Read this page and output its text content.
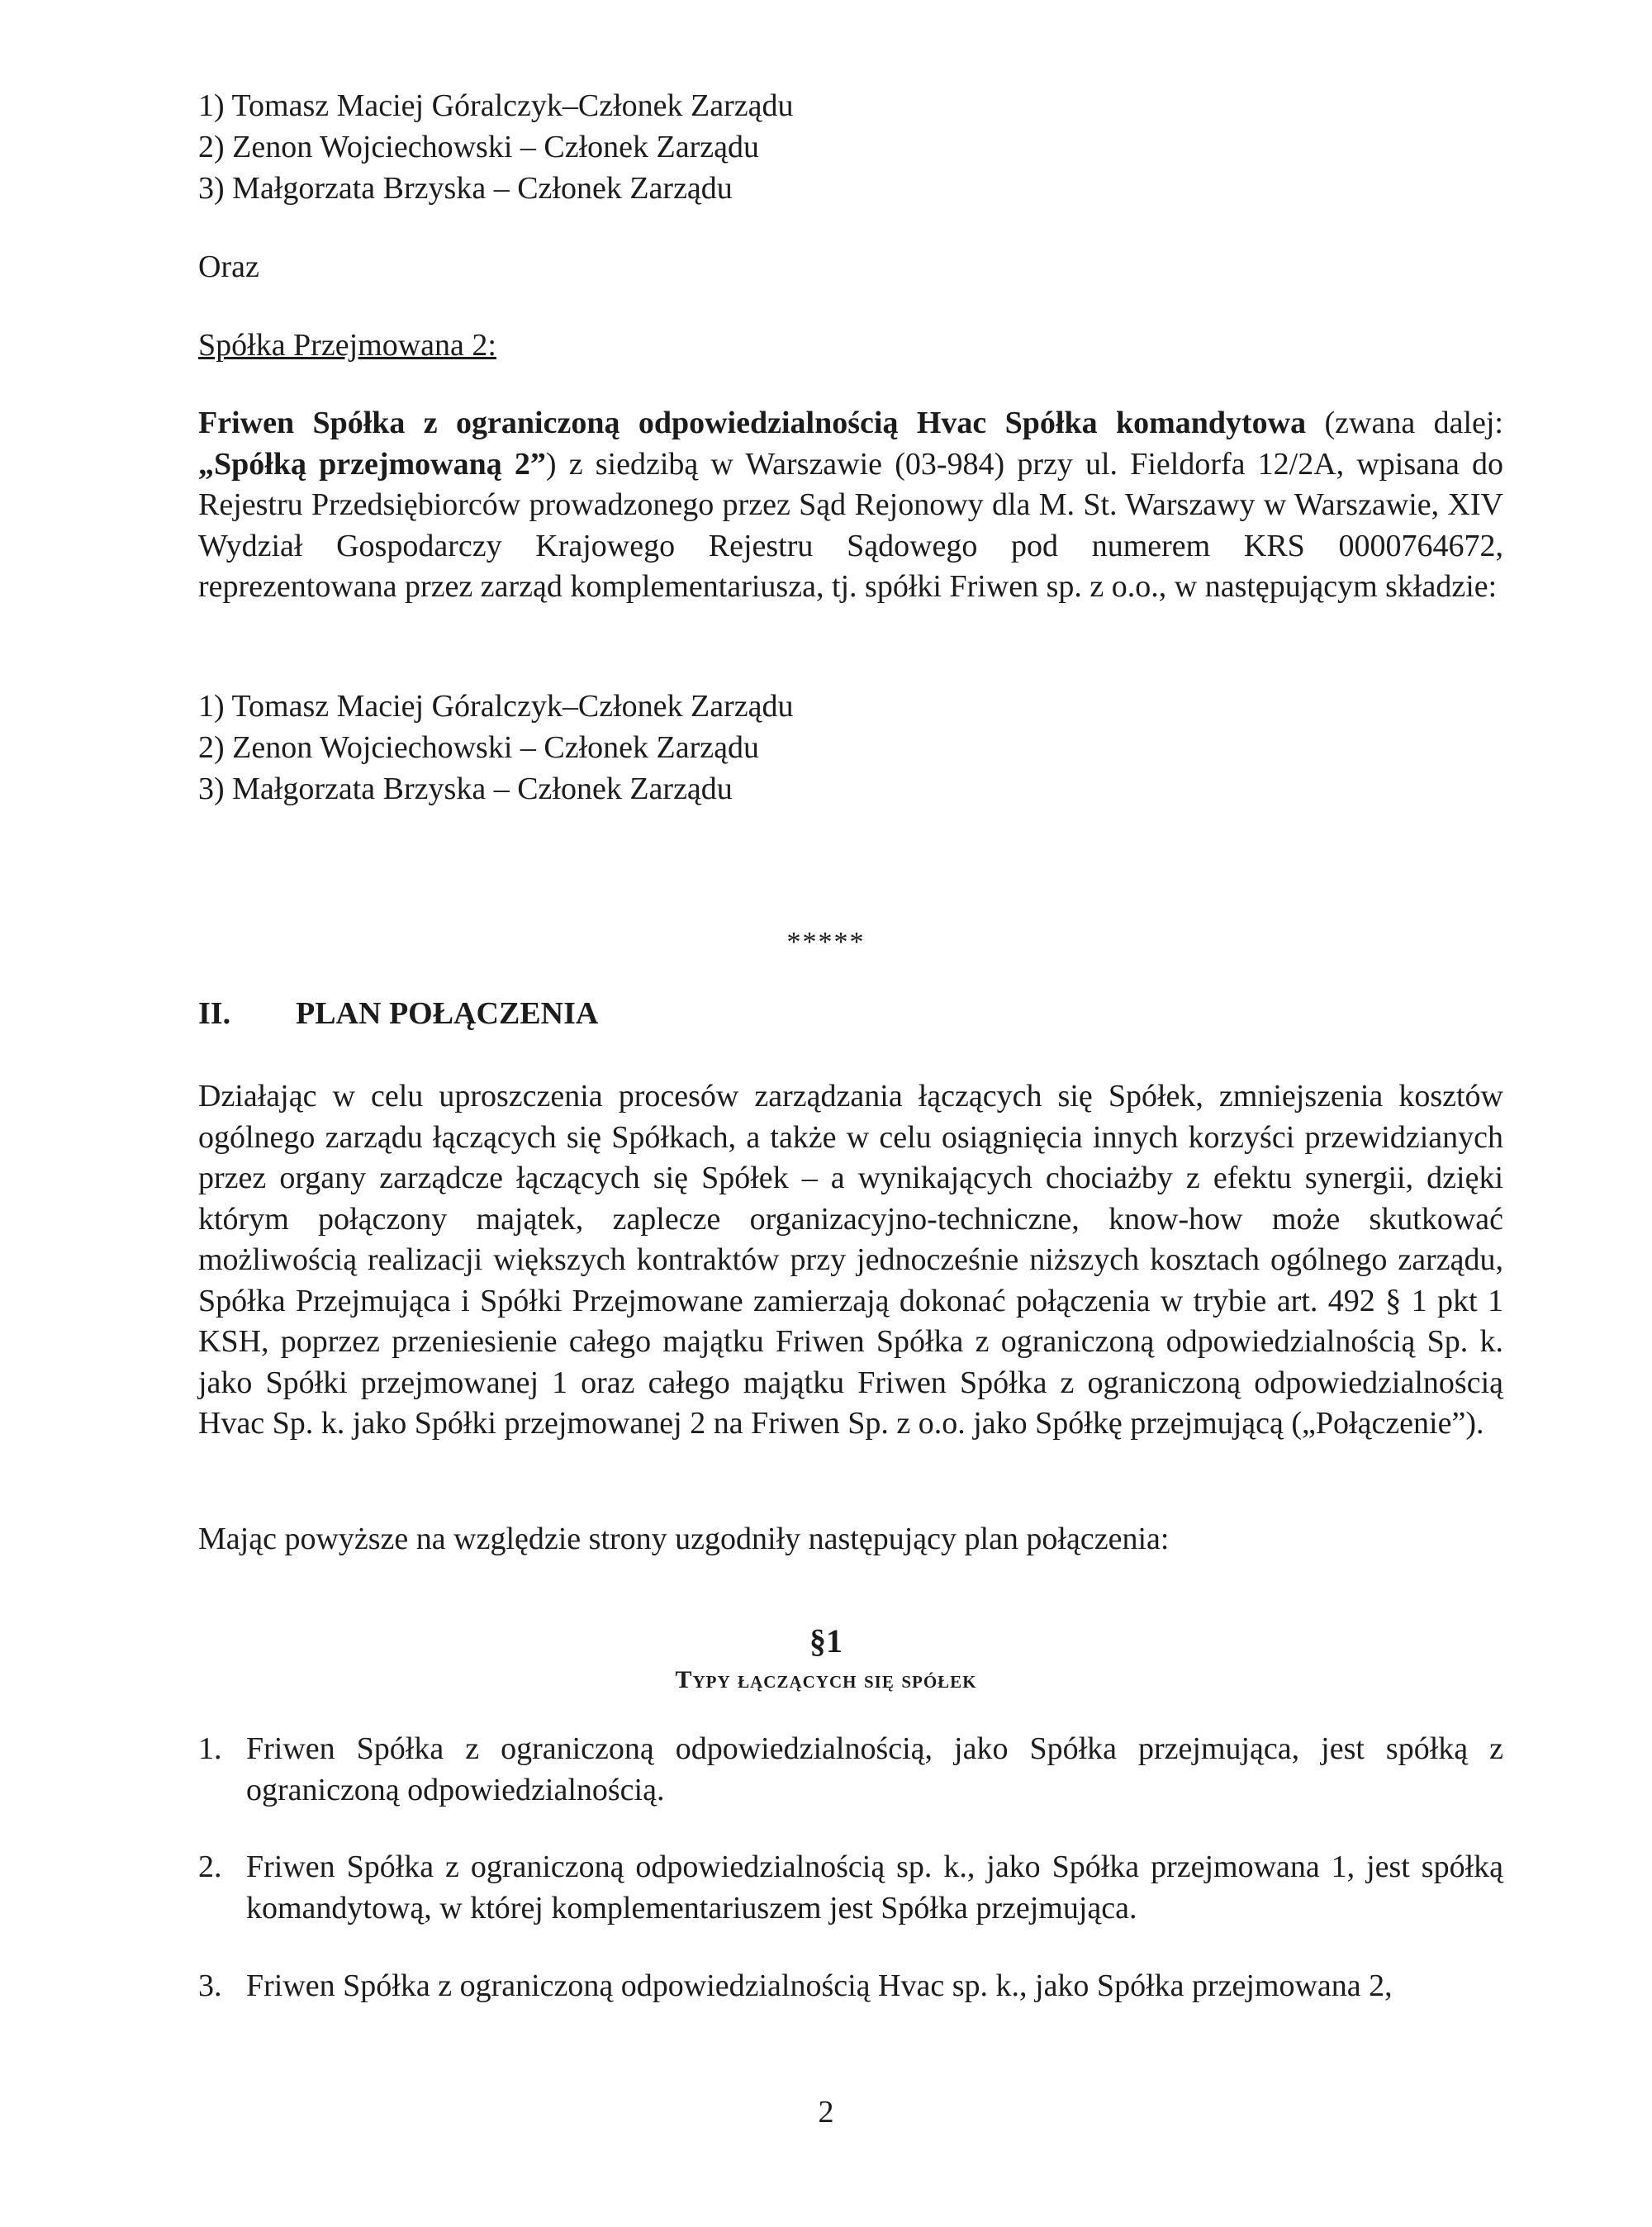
1) Tomasz Maciej Góralczyk–Członek Zarządu
2) Zenon Wojciechowski – Członek Zarządu
3) Małgorzata Brzyska – Członek Zarządu
Oraz
Spółka Przejmowana 2:
Friwen Spółka z ograniczoną odpowiedzialnością Hvac Spółka komandytowa (zwana dalej: „Spółką przejmowaną 2”) z siedzibą w Warszawie (03-984) przy ul. Fieldorfa 12/2A, wpisana do Rejestru Przedsiębiorców prowadzonego przez Sąd Rejonowy dla M. St. Warszawy w Warszawie, XIV Wydział Gospodarczy Krajowego Rejestru Sądowego pod numerem KRS 0000764672, reprezentowana przez zarząd komplementariusza, tj. spółki Friwen sp. z o.o., w następującym składzie:
1) Tomasz Maciej Góralczyk–Członek Zarządu
2) Zenon Wojciechowski – Członek Zarządu
3) Małgorzata Brzyska – Członek Zarządu
*****
II. PLAN POŁĄCZENIA
Działając w celu uproszczenia procesów zarządzania łączących się Spółek, zmniejszenia kosztów ogólnego zarządu łączących się Spółkach, a także w celu osiągnięcia innych korzyści przewidzianych przez organy zarządcze łączących się Spółek – a wynikających chociażby z efektu synergii, dzięki którym połączony majątek, zaplecze organizacyjno-techniczne, know-how może skutkować możliwością realizacji większych kontraktów przy jednocześnie niższych kosztach ogólnego zarządu, Spółka Przejmująca i Spółki Przejmowane zamierzają dokonać połączenia w trybie art. 492 § 1 pkt 1 KSH, poprzez przeniesienie całego majątku Friwen Spółka z ograniczoną odpowiedzialnością Sp. k. jako Spółki przejmowanej 1 oraz całego majątku Friwen Spółka z ograniczoną odpowiedzialnością Hvac Sp. k. jako Spółki przejmowanej 2 na Friwen Sp. z o.o. jako Spółkę przejmującą („Połączenie”).
Mając powyższe na względzie strony uzgodniły następujący plan połączenia:
§1
Typy łączących się spółek
1. Friwen Spółka z ograniczoną odpowiedzialnością, jako Spółka przejmująca, jest spółką z ograniczoną odpowiedzialnością.
2. Friwen Spółka z ograniczoną odpowiedzialnością sp. k., jako Spółka przejmowana 1, jest spółką komandytową, w której komplementariuszem jest Spółka przejmująca.
3. Friwen Spółka z ograniczoną odpowiedzialnością Hvac sp. k., jako Spółka przejmowana 2,
2
